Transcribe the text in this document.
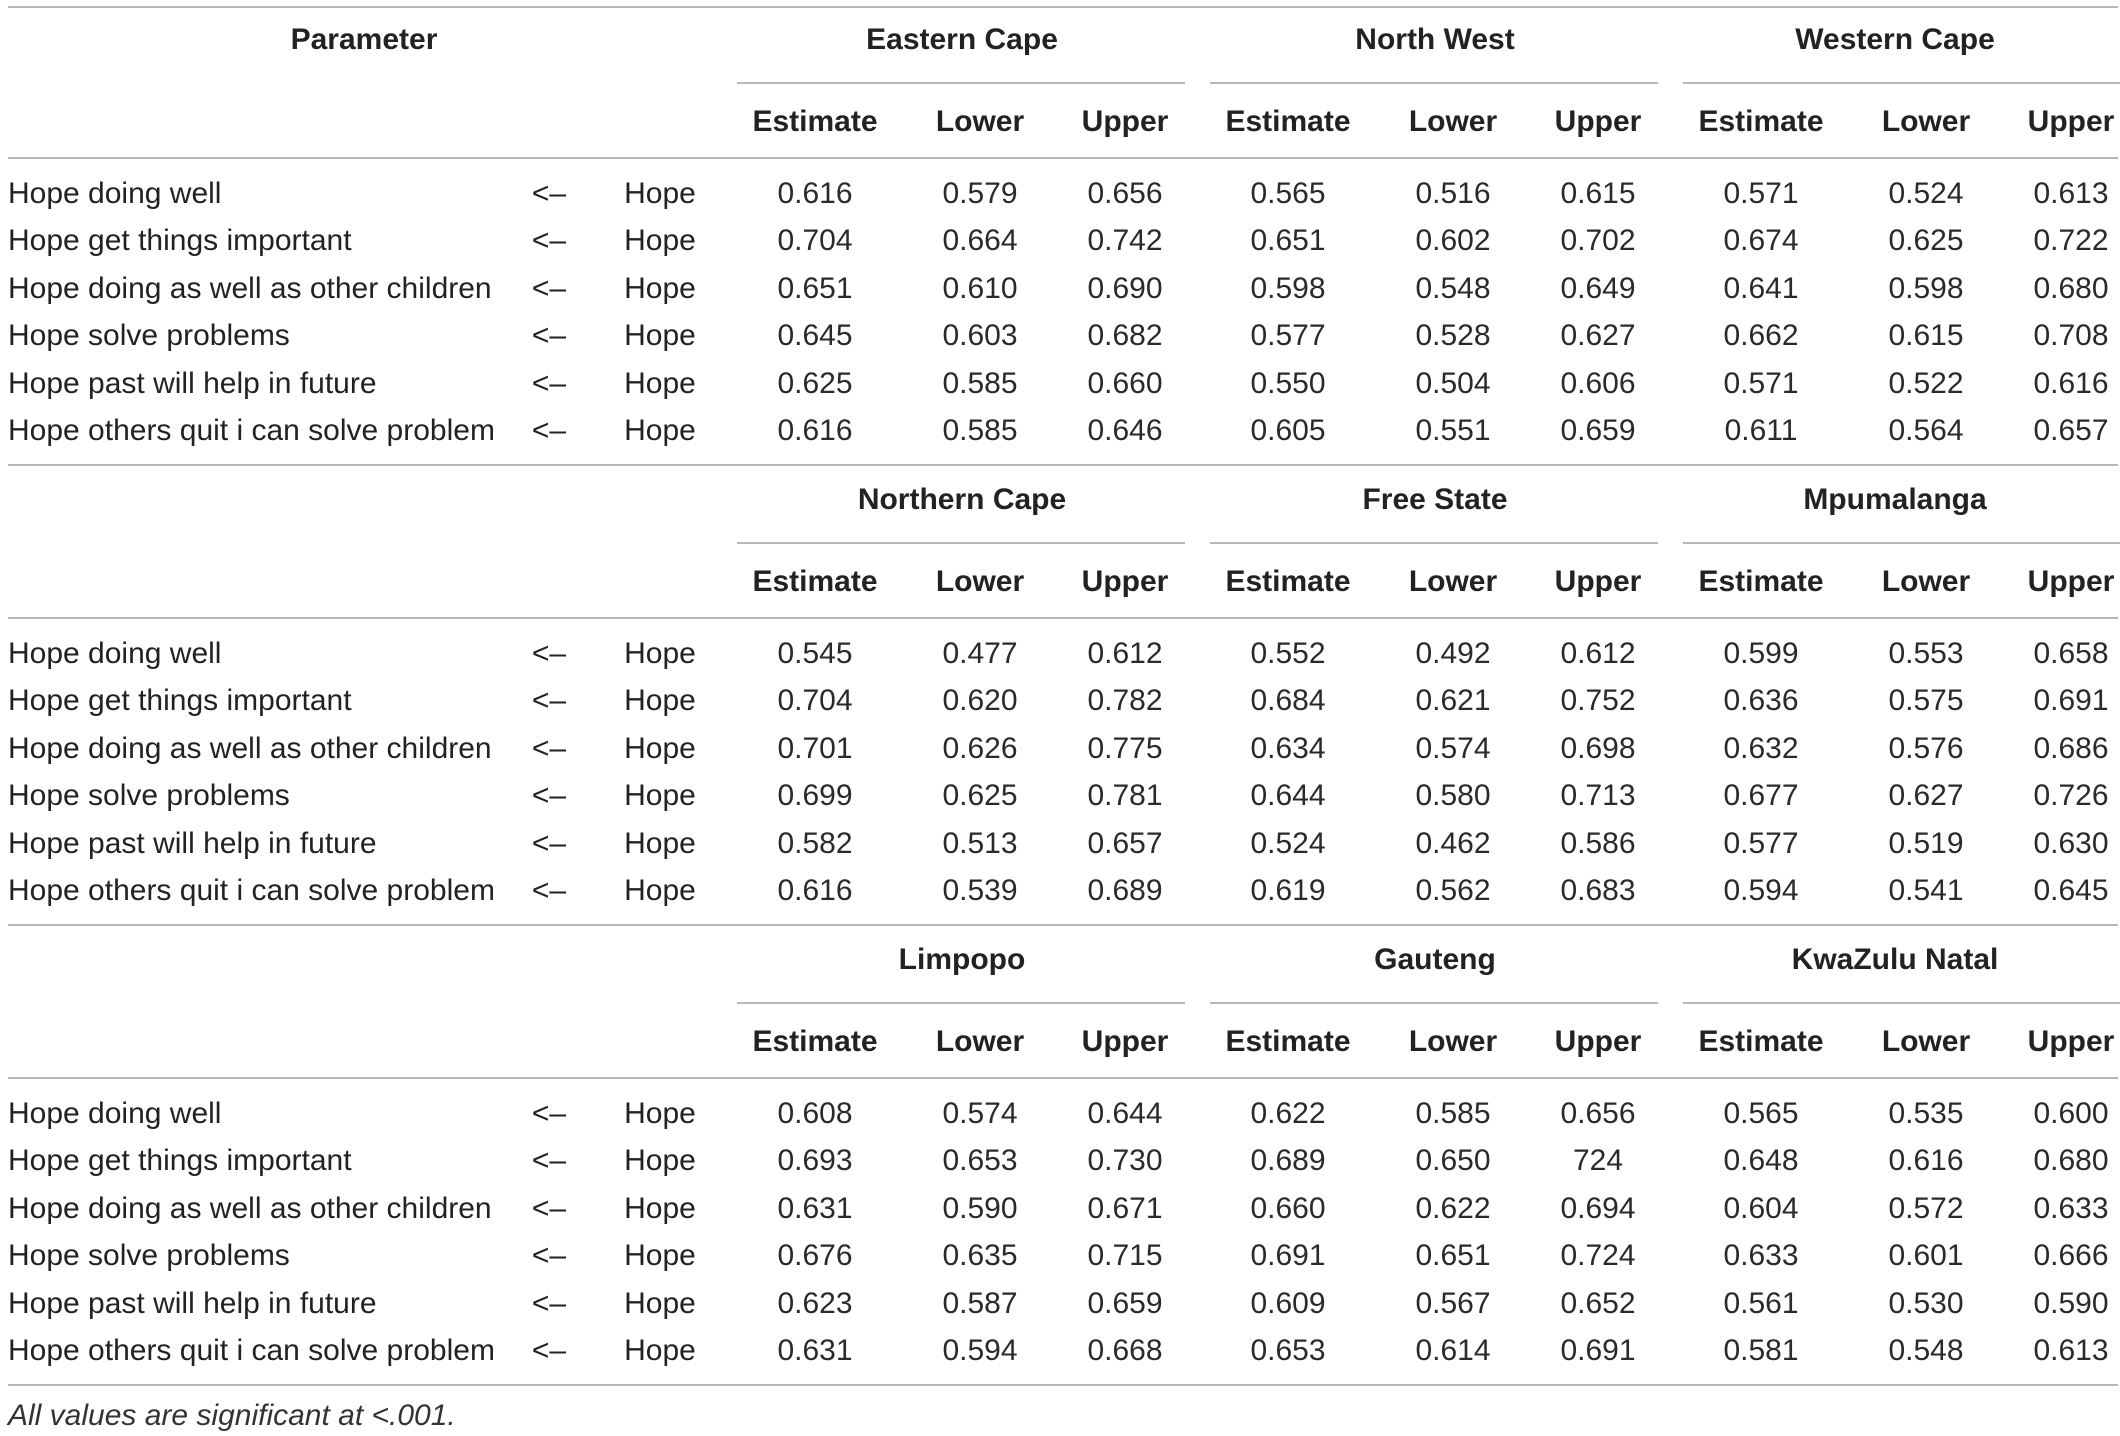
Parameter	Eastern Cape
Estimate Lower Upper
North West
Estimate Lower Upper
Western Cape
Estimate Lower Upper
Hope doing well	<– Hope	0.616	0.579 0.656	0.565	0.516 0.615	0.571	0.524 0.613
Hope get things important	<– Hope	0.704	0.664 0.742	0.651	0.602 0.702	0.674	0.625 0.722
Hope doing as well as other children <– Hope	0.651	0.610 0.690	0.598	0.548 0.649	0.641	0.598 0.680
Hope solve problems	<– Hope	0.645	0.603 0.682	0.577	0.528 0.627	0.662	0.615 0.708
Hope past will help in future	<– Hope	0.625	0.585 0.660	0.550	0.504 0.606	0.571	0.522 0.616
Hope others quit i can solve problem <– Hope	0.616	0.585 0.646	0.605	0.551 0.659	0.611	0.564 0.657
Northern Cape
Estimate Lower Upper
Free State
Estimate Lower Upper
Mpumalanga
Estimate Lower Upper
Hope doing well	<– Hope	0.545	0.477 0.612	0.552	0.492 0.612	0.599	0.553 0.658
Hope get things important	<– Hope	0.704	0.620 0.782	0.684	0.621 0.752	0.636	0.575 0.691
Hope doing as well as other children <– Hope	0.701	0.626 0.775	0.634	0.574 0.698	0.632	0.576 0.686
Hope solve problems	<– Hope	0.699	0.625 0.781	0.644	0.580 0.713	0.677	0.627 0.726
Hope past will help in future	<– Hope	0.582	0.513 0.657	0.524	0.462 0.586	0.577	0.519 0.630
Hope others quit i can solve problem <– Hope	0.616	0.539 0.689	0.619	0.562 0.683	0.594	0.541 0.645
Limpopo
Estimate Lower Upper
Gauteng
Estimate Lower Upper
KwaZulu Natal
Estimate Lower Upper
Hope doing well	<– Hope	0.608	0.574 0.644	0.622	0.585 0.656	0.565	0.535 0.600
Hope get things important	<– Hope	0.693	0.653 0.730	0.689	0.650	724	0.648	0.616 0.680
Hope doing as well as other children <– Hope	0.631	0.590 0.671	0.660	0.622 0.694	0.604	0.572 0.633
Hope solve problems	<– Hope	0.676	0.635 0.715	0.691	0.651 0.724	0.633	0.601 0.666
Hope past will help in future	<– Hope	0.623	0.587 0.659	0.609	0.567 0.652	0.561	0.530 0.590
Hope others quit i can solve problem <– Hope	0.631	0.594 0.668	0.653	0.614 0.691	0.581	0.548 0.613
All values are significant at <.001.
